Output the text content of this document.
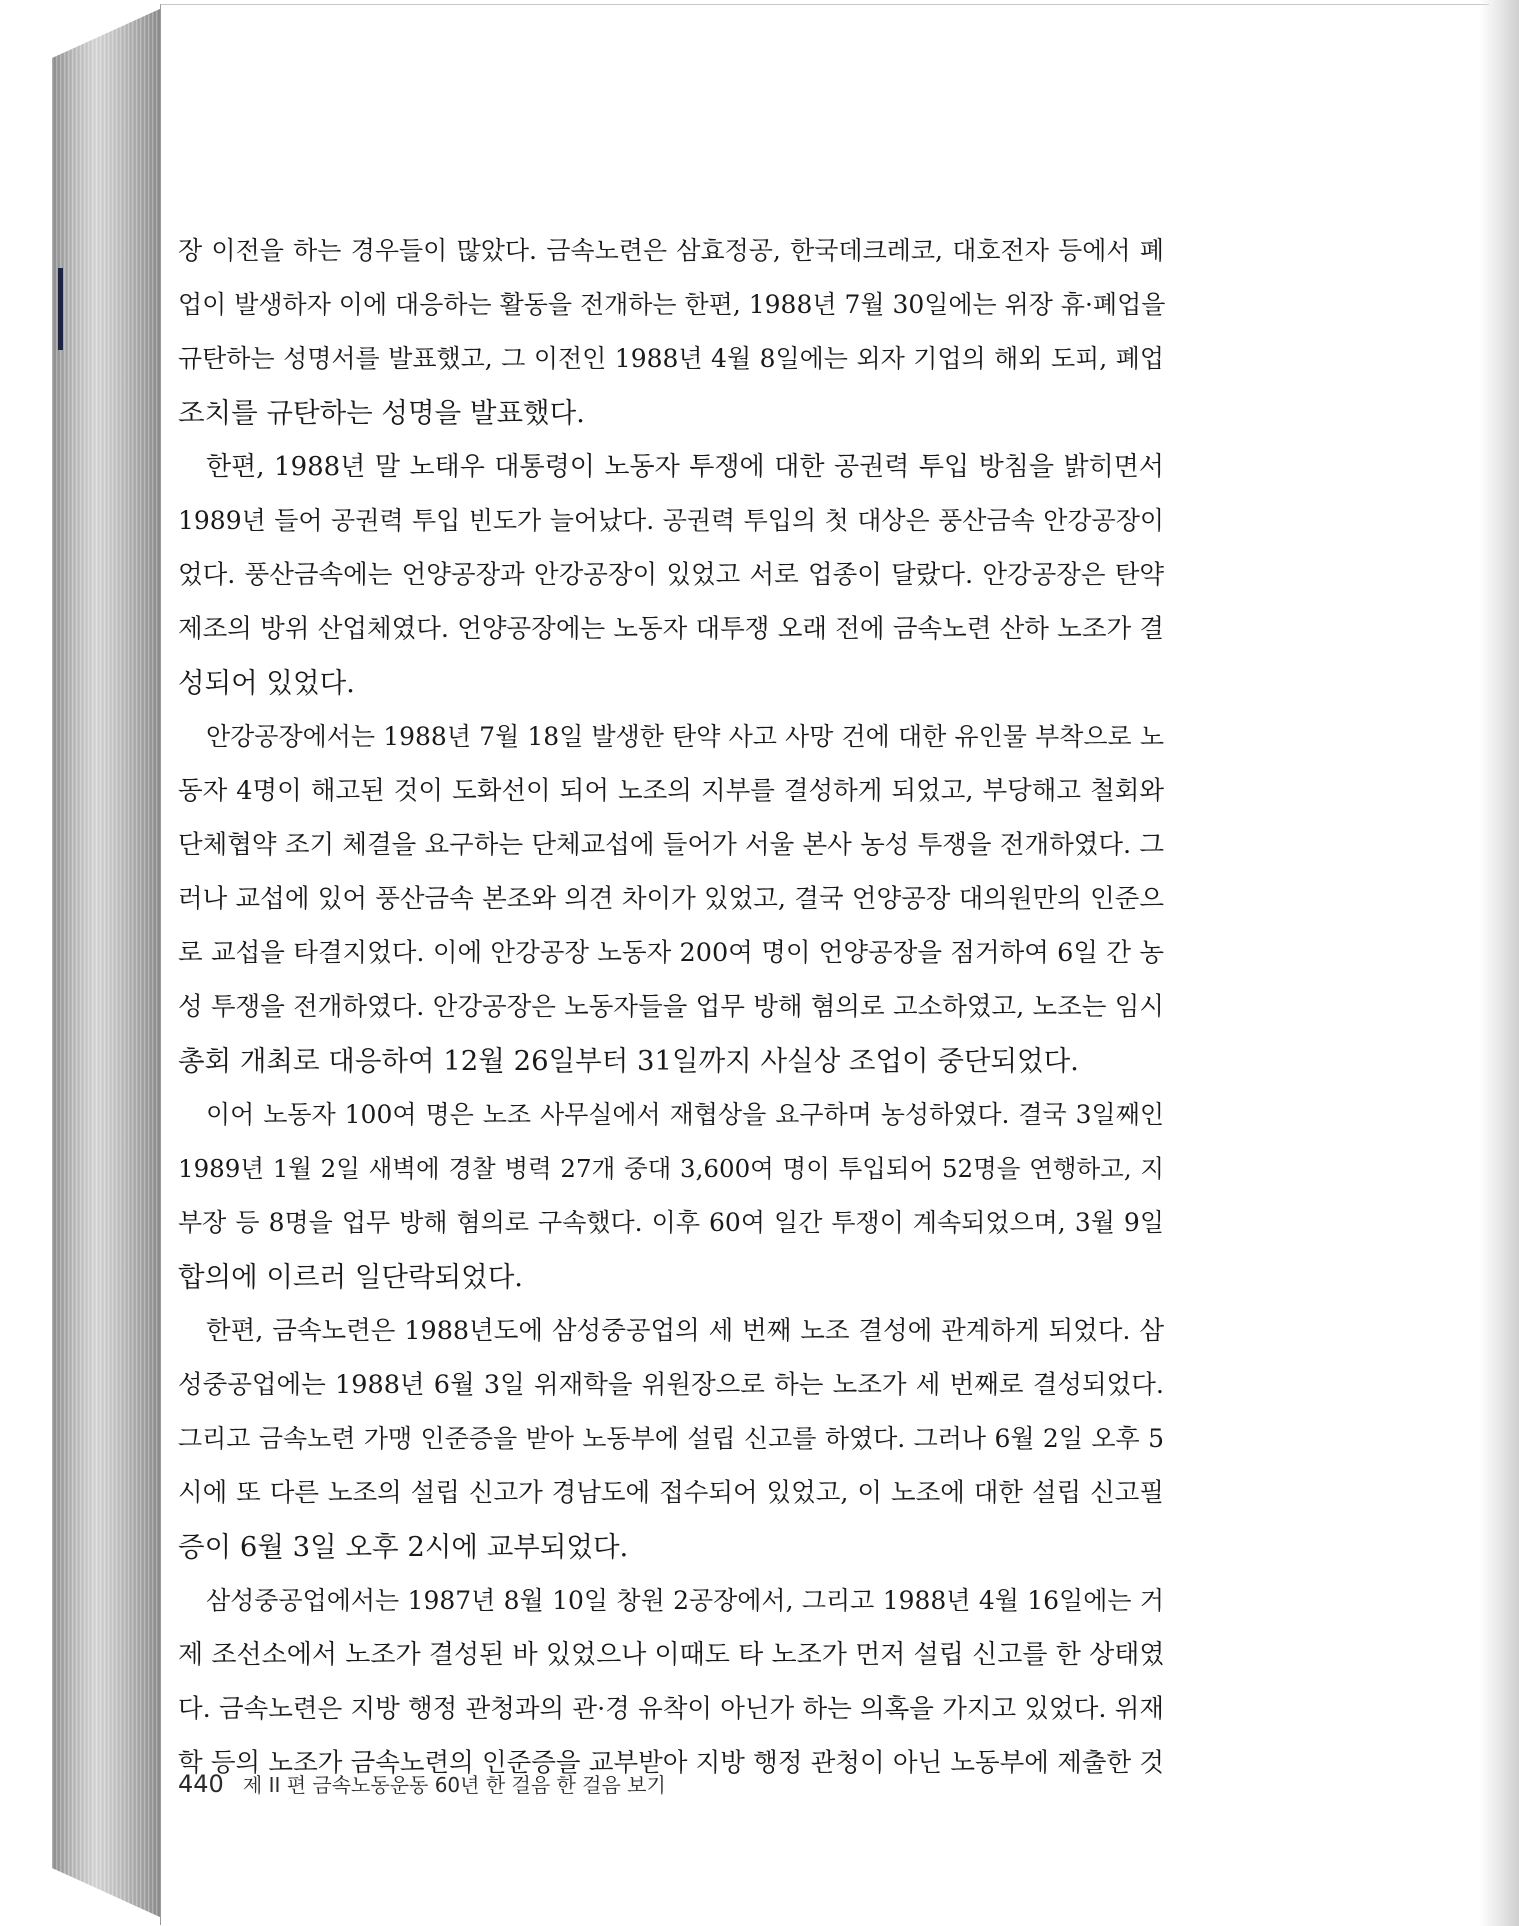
장 이전을 하는 경우들이 많았다. 금속노련은 삼효정공, 한국데크레코, 대호전자 등에서 폐
업이 발생하자 이에 대응하는 활동을 전개하는 한편, 1988년 7월 30일에는 위장 휴·폐업을
규탄하는 성명서를 발표했고, 그 이전인 1988년 4월 8일에는 외자 기업의 해외 도피, 폐업
조치를 규탄하는 성명을 발표했다.
한편, 1988년 말 노태우 대통령이 노동자 투쟁에 대한 공권력 투입 방침을 밝히면서
1989년 들어 공권력 투입 빈도가 늘어났다. 공권력 투입의 첫 대상은 풍산금속 안강공장이
었다. 풍산금속에는 언양공장과 안강공장이 있었고 서로 업종이 달랐다. 안강공장은 탄약
제조의 방위 산업체였다. 언양공장에는 노동자 대투쟁 오래 전에 금속노련 산하 노조가 결
성되어 있었다.
안강공장에서는 1988년 7월 18일 발생한 탄약 사고 사망 건에 대한 유인물 부착으로 노
동자 4명이 해고된 것이 도화선이 되어 노조의 지부를 결성하게 되었고, 부당해고 철회와
단체협약 조기 체결을 요구하는 단체교섭에 들어가 서울 본사 농성 투쟁을 전개하였다. 그
러나 교섭에 있어 풍산금속 본조와 의견 차이가 있었고, 결국 언양공장 대의원만의 인준으
로 교섭을 타결지었다. 이에 안강공장 노동자 200여 명이 언양공장을 점거하여 6일 간 농
성 투쟁을 전개하였다. 안강공장은 노동자들을 업무 방해 혐의로 고소하였고, 노조는 임시
총회 개최로 대응하여 12월 26일부터 31일까지 사실상 조업이 중단되었다.
이어 노동자 100여 명은 노조 사무실에서 재협상을 요구하며 농성하였다. 결국 3일째인
1989년 1월 2일 새벽에 경찰 병력 27개 중대 3,600여 명이 투입되어 52명을 연행하고, 지
부장 등 8명을 업무 방해 혐의로 구속했다. 이후 60여 일간 투쟁이 계속되었으며, 3월 9일
합의에 이르러 일단락되었다.
한편, 금속노련은 1988년도에 삼성중공업의 세 번째 노조 결성에 관계하게 되었다. 삼
성중공업에는 1988년 6월 3일 위재학을 위원장으로 하는 노조가 세 번째로 결성되었다.
그리고 금속노련 가맹 인준증을 받아 노동부에 설립 신고를 하였다. 그러나 6월 2일 오후 5
시에 또 다른 노조의 설립 신고가 경남도에 접수되어 있었고, 이 노조에 대한 설립 신고필
증이 6월 3일 오후 2시에 교부되었다.
삼성중공업에서는 1987년 8월 10일 창원 2공장에서, 그리고 1988년 4월 16일에는 거
제 조선소에서 노조가 결성된 바 있었으나 이때도 타 노조가 먼저 설립 신고를 한 상태였
다. 금속노련은 지방 행정 관청과의 관·경 유착이 아닌가 하는 의혹을 가지고 있었다. 위재
학 등의 노조가 금속노련의 인준증을 교부받아 지방 행정 관청이 아닌 노동부에 제출한 것
440 제 II 편 금속노동운동 60년 한 걸음 한 걸음 보기
